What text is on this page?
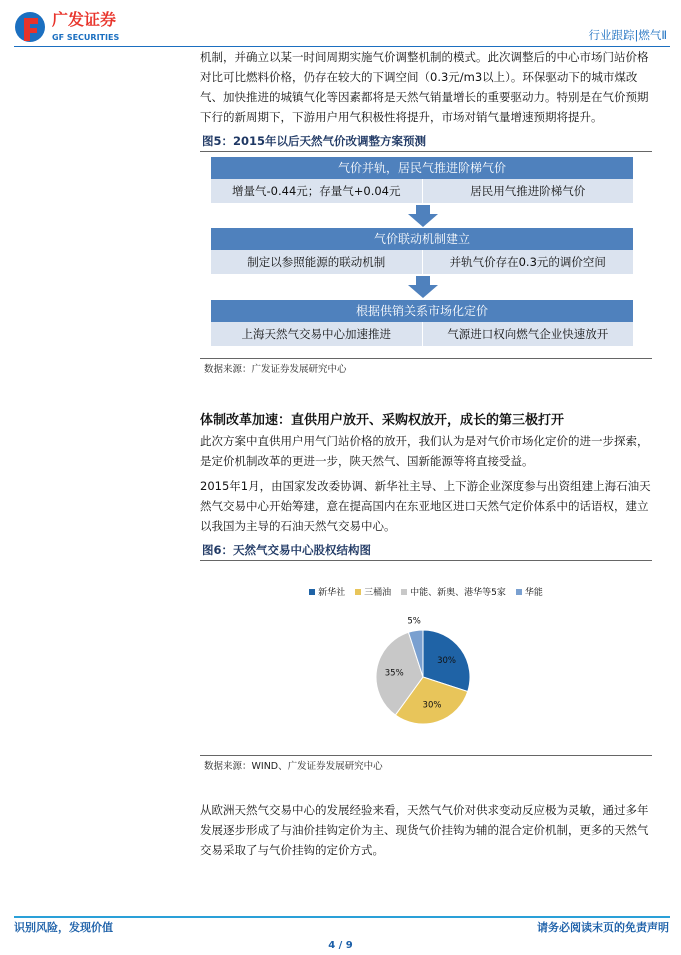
广发证券
GF SECURITIES	行业跟踪|燃气Ⅱ
机制，并确立以某一时间周期实施气价调整机制的模式。此次调整后的中心市场门站价格对比可比燃料价格，仍存在较大的下调空间（0.3元/m3以上）。环保驱动下的城市煤改气、加快推进的城镇气化等因素都将是天然气销量增长的重要驱动力。特别是在气价预期下行的新周期下，下游用户用气积极性将提升，市场对销气量增速预期将提升。
图5：2015年以后天然气价改调整方案预测
气价并轨，居民气推进阶梯气价
增量气-0.44元；存量气+0.04元	居民用气推进阶梯气价
气价联动机制建立
制定以参照能源的联动机制	并轨气价存在0.3元的调价空间
根据供销关系市场化定价
上海天然气交易中心加速推进	气源进口权向燃气企业快速放开
数据来源：广发证券发展研究中心
体制改革加速：直供用户放开、采购权放开，成长的第三极打开
此次方案中直供用户用气门站价格的放开，我们认为是对气价市场化定价的进一步探索，是定价机制改革的更进一步，陕天然气、国新能源等将直接受益。
2015年1月，由国家发改委协调、新华社主导、上下游企业深度参与出资组建上海石油天然气交易中心开始筹建，意在提高国内在东亚地区进口天然气定价体系中的话语权，建立以我国为主导的石油天然气交易中心。
图6：天然气交易中心股权结构图
新华社	三桶油	中能、新奥、港华等5家	华能
30%
30%
35%
5%
数据来源：WIND、广发证券发展研究中心
从欧洲天然气交易中心的发展经验来看，天然气气价对供求变动反应极为灵敏，通过多年发展逐步形成了与油价挂钩定价为主、现货气价挂钩为辅的混合定价机制，更多的天然气交易采取了与气价挂钩的定价方式。
识别风险，发现价值	请务必阅读末页的免责声明
4 / 9
